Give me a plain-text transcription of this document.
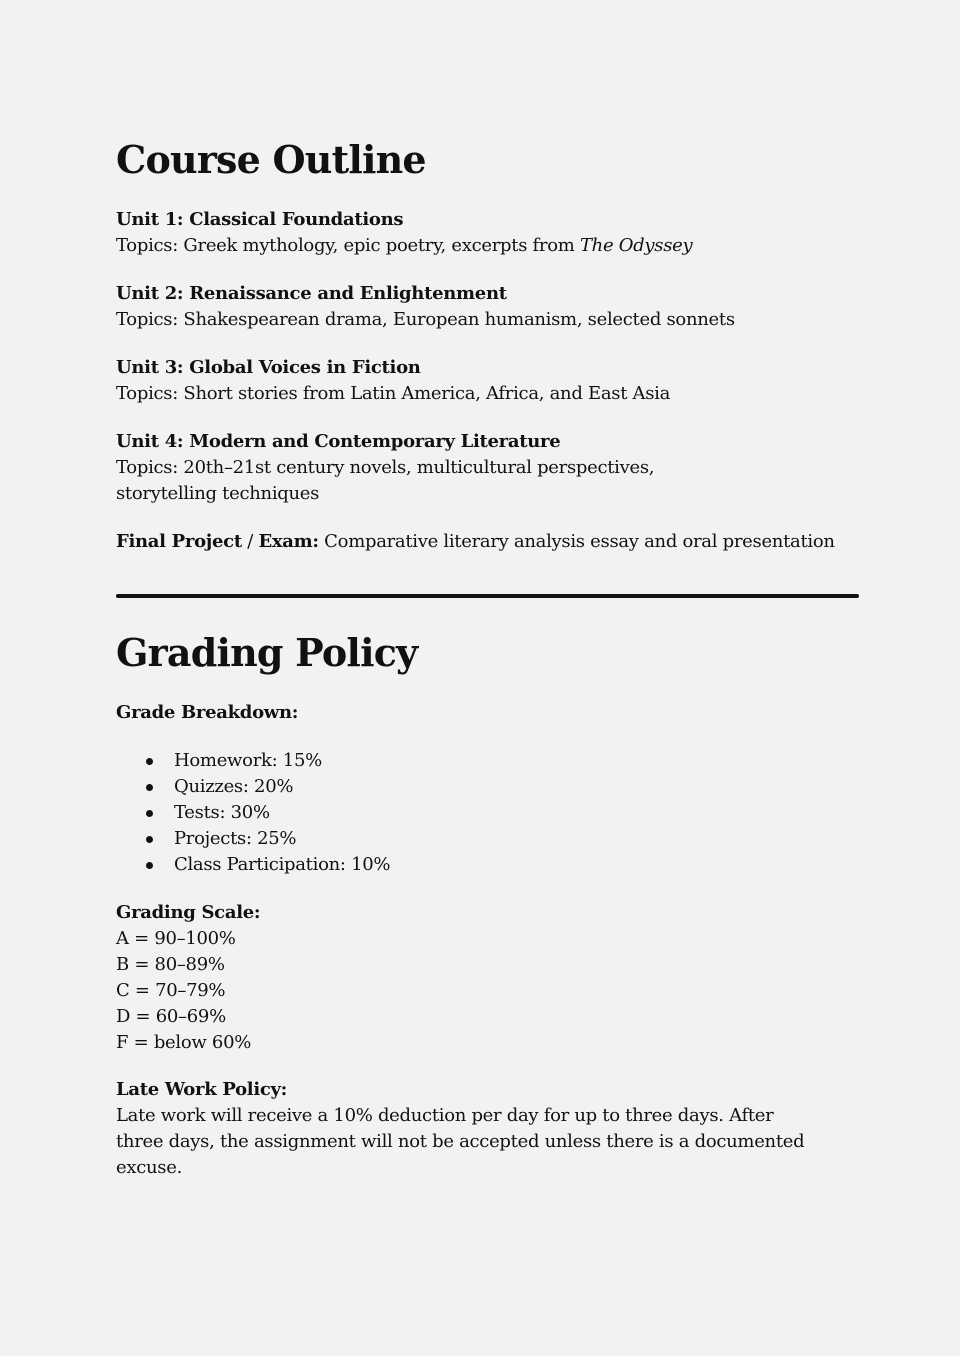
Course Outline
Unit 1: Classical Foundations
Topics: Greek mythology, epic poetry, excerpts from The Odyssey
Unit 2: Renaissance and Enlightenment
Topics: Shakespearean drama, European humanism, selected sonnets
Unit 3: Global Voices in Fiction
Topics: Short stories from Latin America, Africa, and East Asia
Unit 4: Modern and Contemporary Literature
Topics: 20th–21st century novels, multicultural perspectives, storytelling techniques
Final Project / Exam: Comparative literary analysis essay and oral presentation
Grading Policy
Grade Breakdown:
Homework: 15%
Quizzes: 20%
Tests: 30%
Projects: 25%
Class Participation: 10%
Grading Scale:
A = 90–100%
B = 80–89%
C = 70–79%
D = 60–69%
F = below 60%
Late Work Policy:
Late work will receive a 10% deduction per day for up to three days. After three days, the assignment will not be accepted unless there is a documented excuse.
